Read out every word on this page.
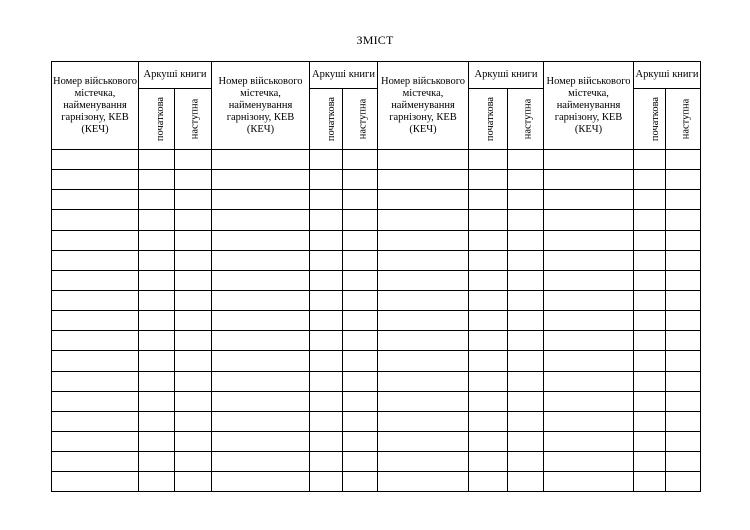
ЗМІСТ
Номер військового містечка, найменування гарнізону, КЕВ (КЕЧ)	Аркуші книги		Номер військового містечка, найменування гарнізону, КЕВ (КЕЧ)	Аркуші книги		Номер військового містечка, найменування гарнізону, КЕВ (КЕЧ)	Аркуші книги		Номер військового містечка, найменування гарнізону, КЕВ (КЕЧ)	Аркуші книги	
	початкова	наступна		початкова	наступна		початкова	наступна		початкова	наступна
